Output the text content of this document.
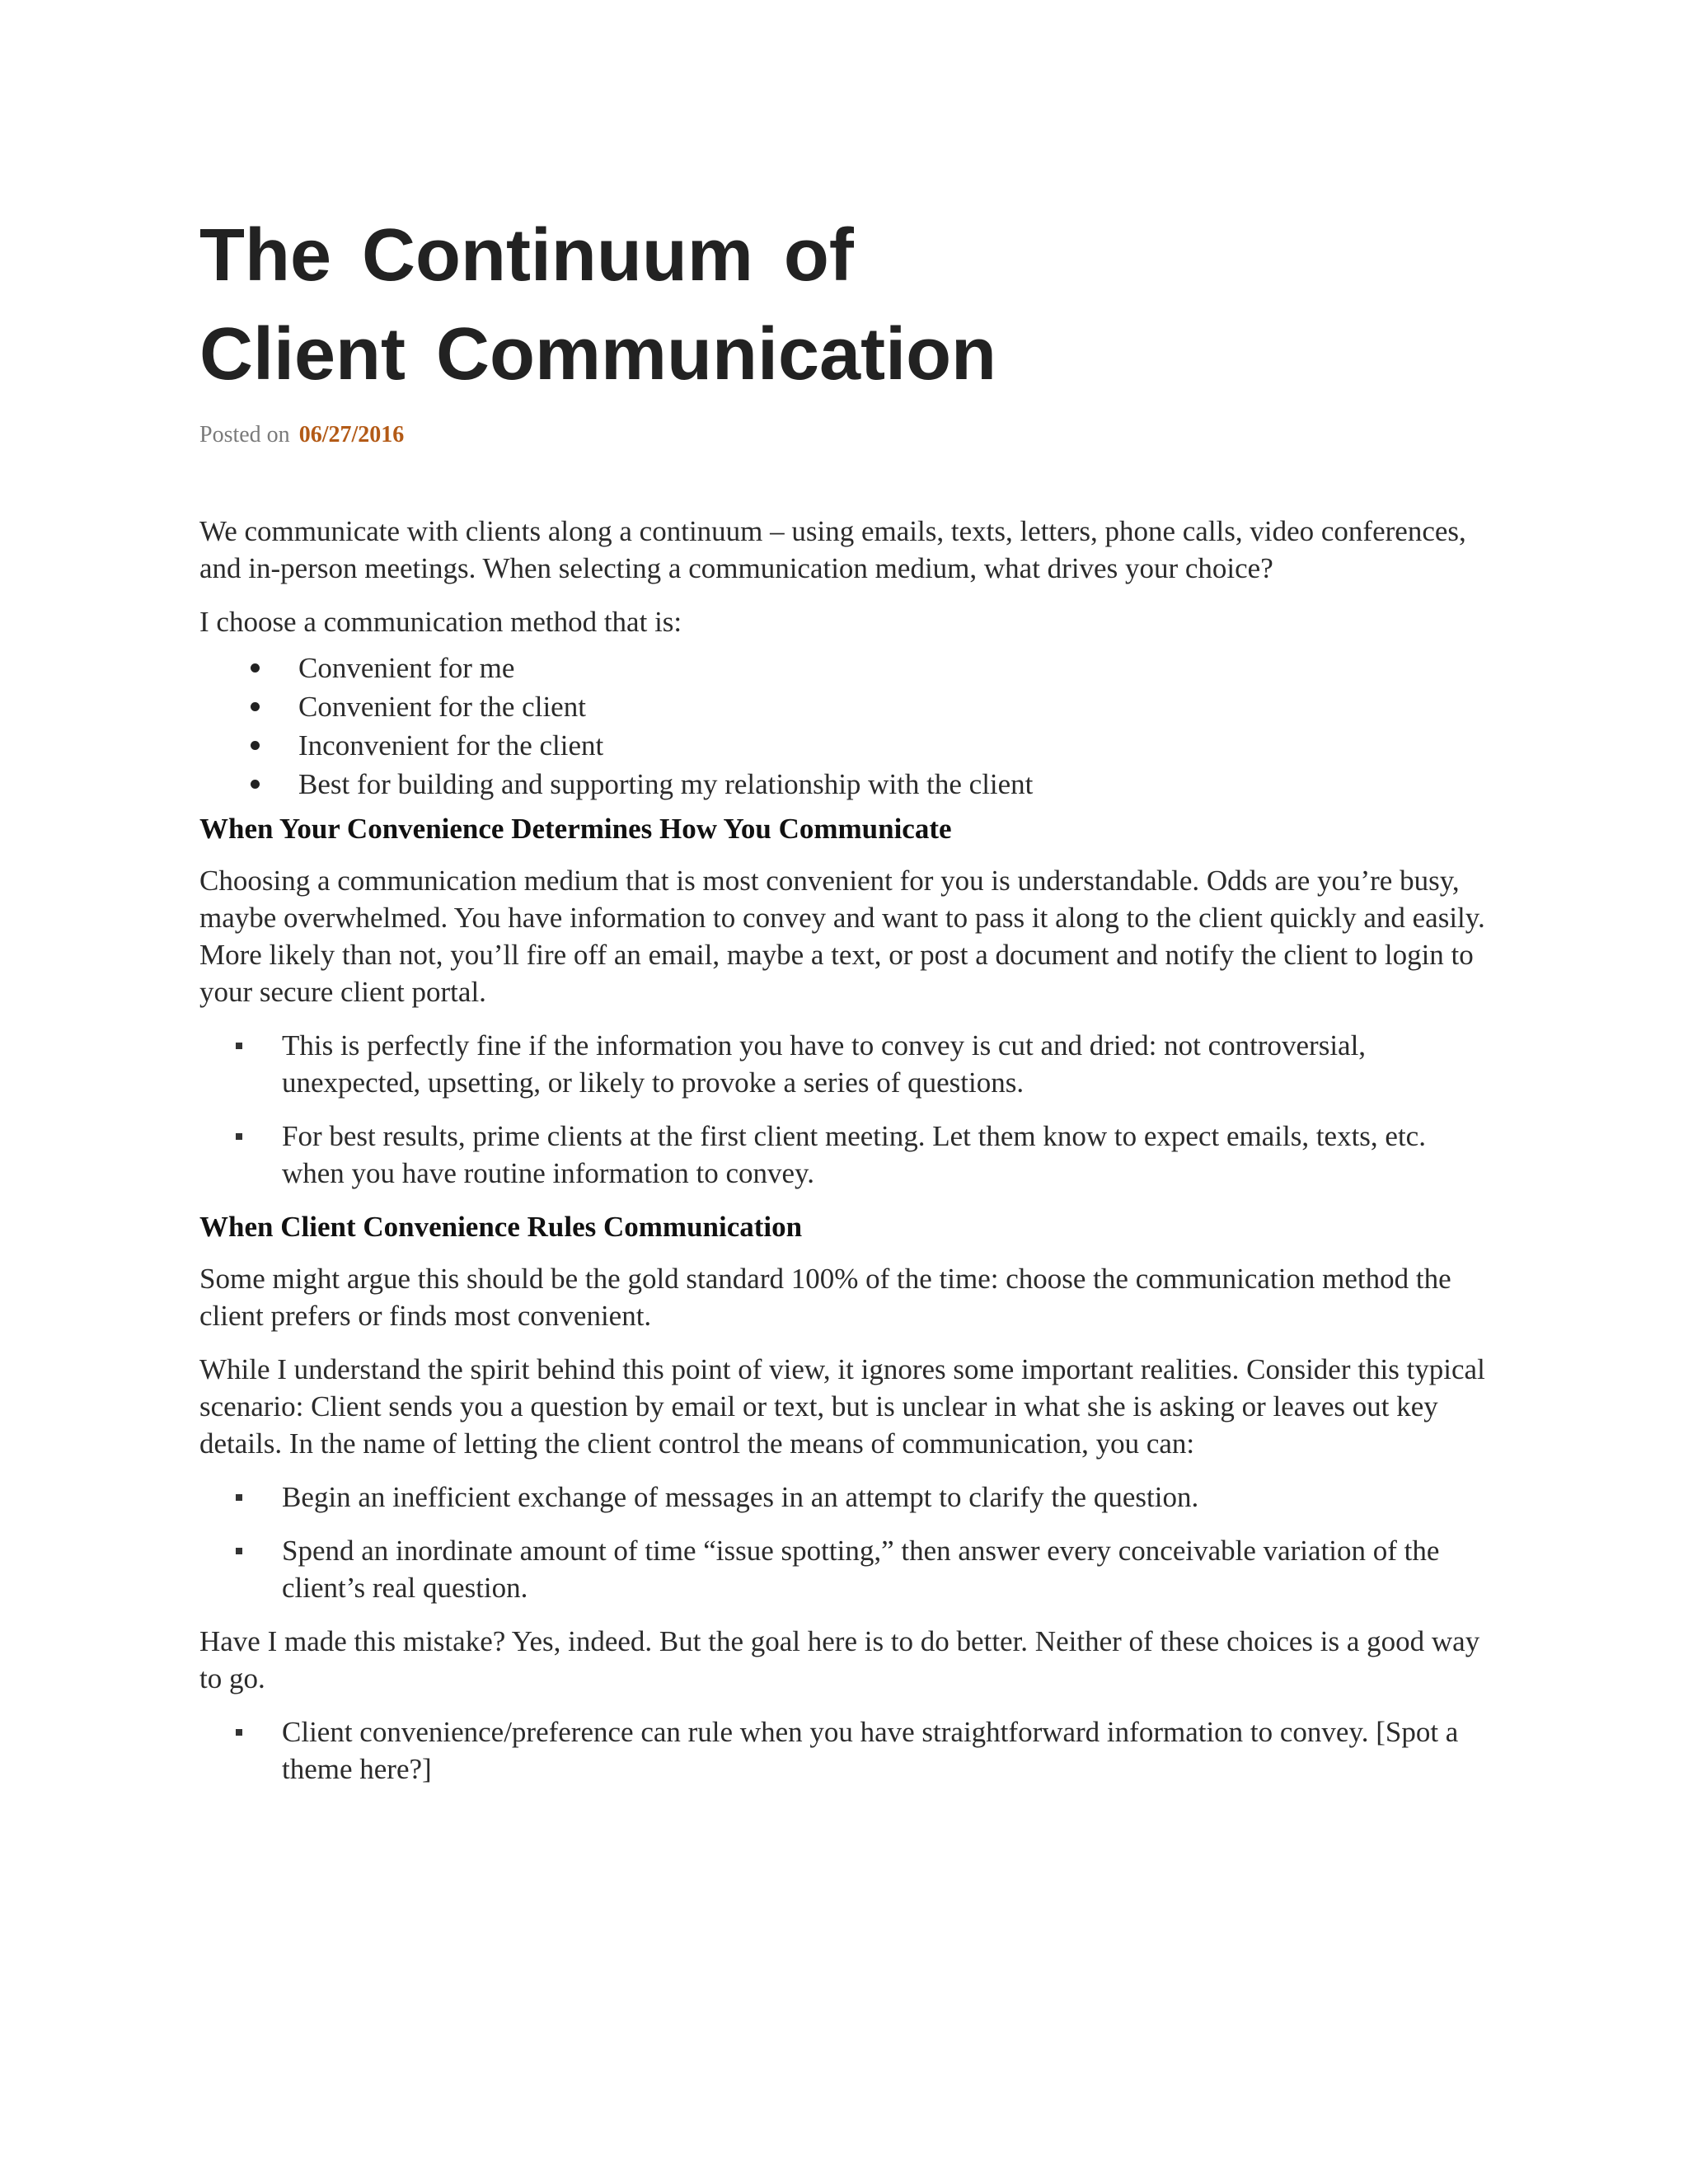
The Continuum of
Client Communication
Posted on 06/27/2016

We communicate with clients along a continuum – using emails, texts, letters, phone calls, video conferences, and in-person meetings. When selecting a communication medium, what drives your choice?

I choose a communication method that is:

Convenient for me
Convenient for the client
Inconvenient for the client
Best for building and supporting my relationship with the client
When Your Convenience Determines How You Communicate

Choosing a communication medium that is most convenient for you is understandable. Odds are you’re busy, maybe overwhelmed. You have information to convey and want to pass it along to the client quickly and easily. More likely than not, you’ll fire off an email, maybe a text, or post a document and notify the client to login to your secure client portal.

This is perfectly fine if the information you have to convey is cut and dried: not controversial, unexpected, upsetting, or likely to provoke a series of questions.
For best results, prime clients at the first client meeting. Let them know to expect emails, texts, etc. when you have routine information to convey.
When Client Convenience Rules Communication

Some might argue this should be the gold standard 100% of the time: choose the communication method the client prefers or finds most convenient.

While I understand the spirit behind this point of view, it ignores some important realities. Consider this typical scenario: Client sends you a question by email or text, but is unclear in what she is asking or leaves out key details. In the name of letting the client control the means of communication, you can:

Begin an inefficient exchange of messages in an attempt to clarify the question.
Spend an inordinate amount of time “issue spotting,” then answer every conceivable variation of the client’s real question.

Have I made this mistake? Yes, indeed. But the goal here is to do better. Neither of these choices is a good way to go.

Client convenience/preference can rule when you have straightforward information to convey. [Spot a theme here?]
